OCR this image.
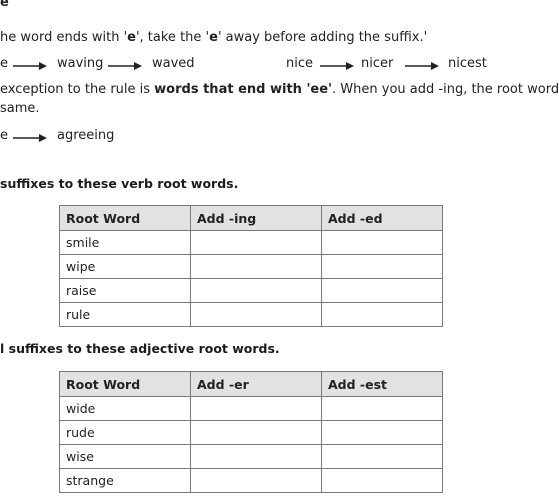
e
he word ends with 'e', take the 'e' away before adding the suffix.'
e	waving	waved	nice	nicer	nicest
exception to the rule is words that end with 'ee'. When you add -ing, the root word
same.
e	agreeing
suffixes to these verb root words.
Root Word	Add -ing	Add -ed
smile		
wipe		
raise		
rule		
l suffixes to these adjective root words.
Root Word	Add -er	Add -est
wide		
rude		
wise		
strange		
